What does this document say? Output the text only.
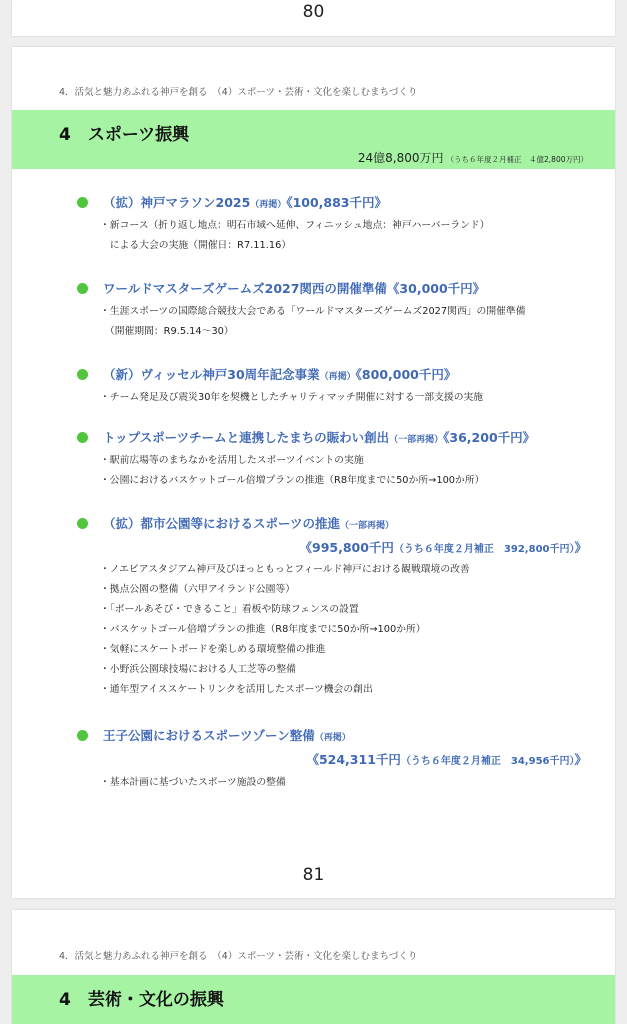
80
4．活気と魅力あふれる神戸を創る　（4）スポーツ・芸術・文化を楽しむまちづくり
4　スポーツ振興
24億8,800万円 （うち６年度２月補正　４億2,800万円）
（拡）神戸マラソン2025（再掲）《100,883千円》
・新コース（折り返し地点：明石市域へ延伸、フィニッシュ地点：神戸ハーバーランド）
　による大会の実施（開催日：R7.11.16）
ワールドマスターズゲームズ2027関西の開催準備《30,000千円》
・生涯スポーツの国際総合競技大会である「ワールドマスターズゲームズ2027関西」の開催準備
　（開催期間：R9.5.14～30）
（新）ヴィッセル神戸30周年記念事業（再掲）《800,000千円》
・チーム発足及び震災30年を契機としたチャリティマッチ開催に対する一部支援の実施
トップスポーツチームと連携したまちの賑わい創出（一部再掲）《36,200千円》
・駅前広場等のまちなかを活用したスポーツイベントの実施
・公園におけるバスケットゴール倍増プランの推進（R8年度までに50か所→100か所）
（拡）都市公園等におけるスポーツの推進（一部再掲）
《995,800千円（うち６年度２月補正　392,800千円）》
・ノエビアスタジアム神戸及びほっともっとフィールド神戸における観戦環境の改善
・拠点公園の整備（六甲アイランド公園等）
・「ボールあそび・できること」看板や防球フェンスの設置
・バスケットゴール倍増プランの推進（R8年度までに50か所→100か所）
・気軽にスケートボードを楽しめる環境整備の推進
・小野浜公園球技場における人工芝等の整備
・通年型アイススケートリンクを活用したスポーツ機会の創出
王子公園におけるスポーツゾーン整備（再掲）
《524,311千円（うち６年度２月補正　34,956千円）》
・基本計画に基づいたスポーツ施設の整備
81
4．活気と魅力あふれる神戸を創る　（4）スポーツ・芸術・文化を楽しむまちづくり
4　芸術・文化の振興
